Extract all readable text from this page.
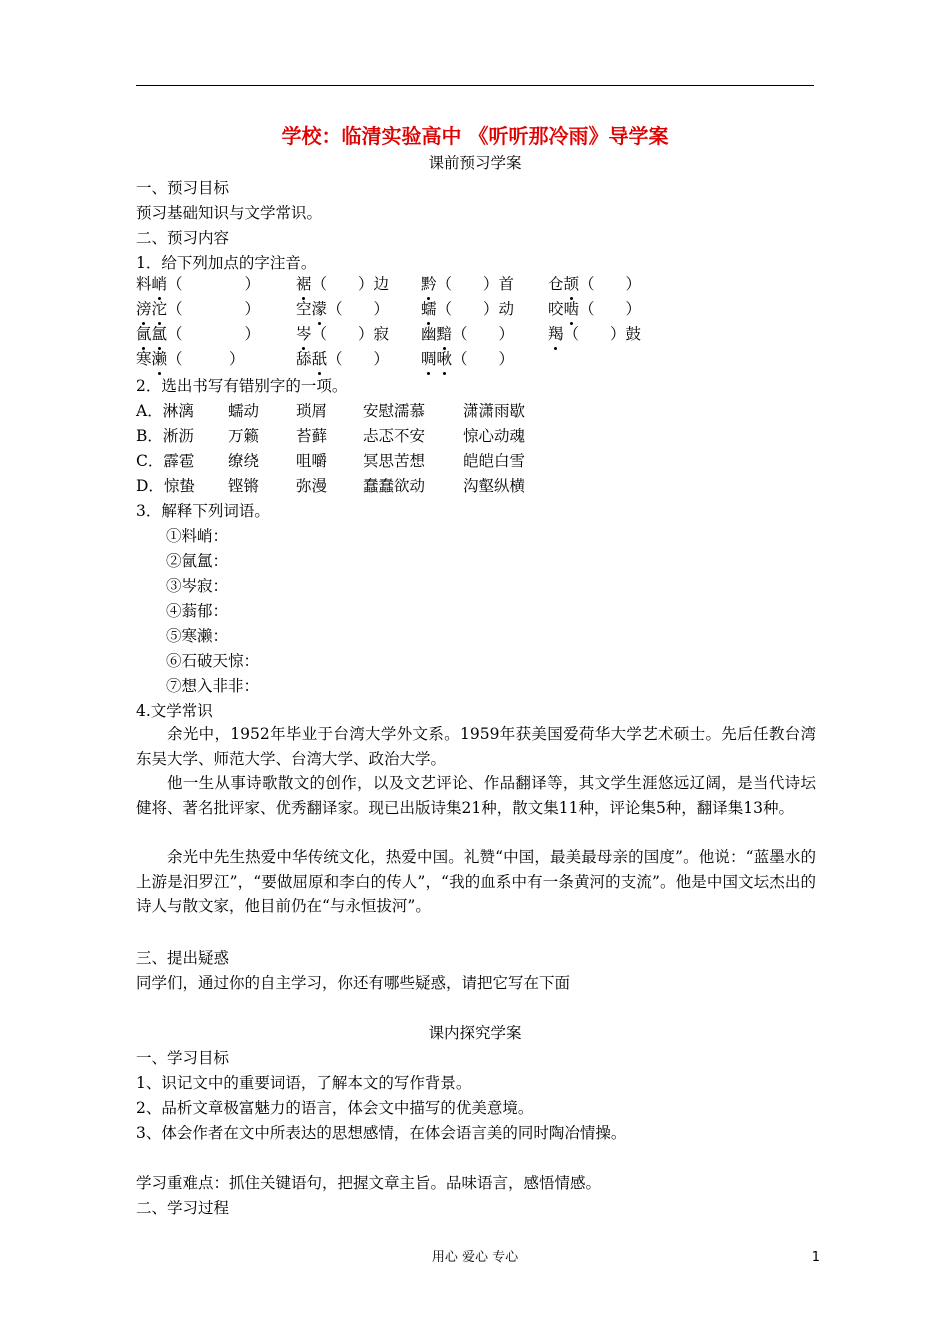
学校：临清实验高中 《听听那冷雨》导学案
课前预习学案
一、预习目标
预习基础知识与文学常识。
二、预习内容
1．给下列加点的字注音。
料峭（　　　　） 裾（　　）边 黔（　　）首 仓颉（　　）
滂沱（　　　　） 空濛（　　） 蠕（　　）动 咬啮（　　）
氤氲（　　　　） 岑（　　）寂 幽黯（　　） 羯（　　）鼓
寒濑（　　　）	舔舐（　　） 啁啾（　　）
2．选出书写有错别字的一项。
A．淋漓 蠕动 琐屑 安慰濡慕 潇潇雨歇
B．淅沥 万籁 苔藓 忐忑不安 惊心动魂
C．霹雹 缭绕 咀嚼 冥思苦想 皑皑白雪
D．惊蛰 铿锵 弥漫 蠢蠢欲动 沟壑纵横
3．解释下列词语。
①料峭：
②氤氲：
③岑寂：
④蓊郁：
⑤寒濑：
⑥石破天惊：
⑦想入非非：
4.文学常识
余光中，1952年毕业于台湾大学外文系。1959年获美国爱荷华大学艺术硕士。先后任教台湾东吴大学、师范大学、台湾大学、政治大学。
他一生从事诗歌散文的创作，以及文艺评论、作品翻译等，其文学生涯悠远辽阔，是当代诗坛健将、著名批评家、优秀翻译家。现已出版诗集21种，散文集11种，评论集5种，翻译集13种。
余光中先生热爱中华传统文化，热爱中国。礼赞“中国，最美最母亲的国度”。他说：“蓝墨水的上游是汨罗江”，“要做屈原和李白的传人”，“我的血系中有一条黄河的支流”。他是中国文坛杰出的诗人与散文家，他目前仍在“与永恒拔河”。
三、提出疑惑
同学们，通过你的自主学习，你还有哪些疑惑，请把它写在下面
课内探究学案
一、学习目标
1、识记文中的重要词语，了解本文的写作背景。
2、品析文章极富魅力的语言，体会文中描写的优美意境。
3、体会作者在文中所表达的思想感情，在体会语言美的同时陶冶情操。
学习重难点：抓住关键语句，把握文章主旨。品味语言，感悟情感。
二、学习过程
用心 爱心 专心	1
